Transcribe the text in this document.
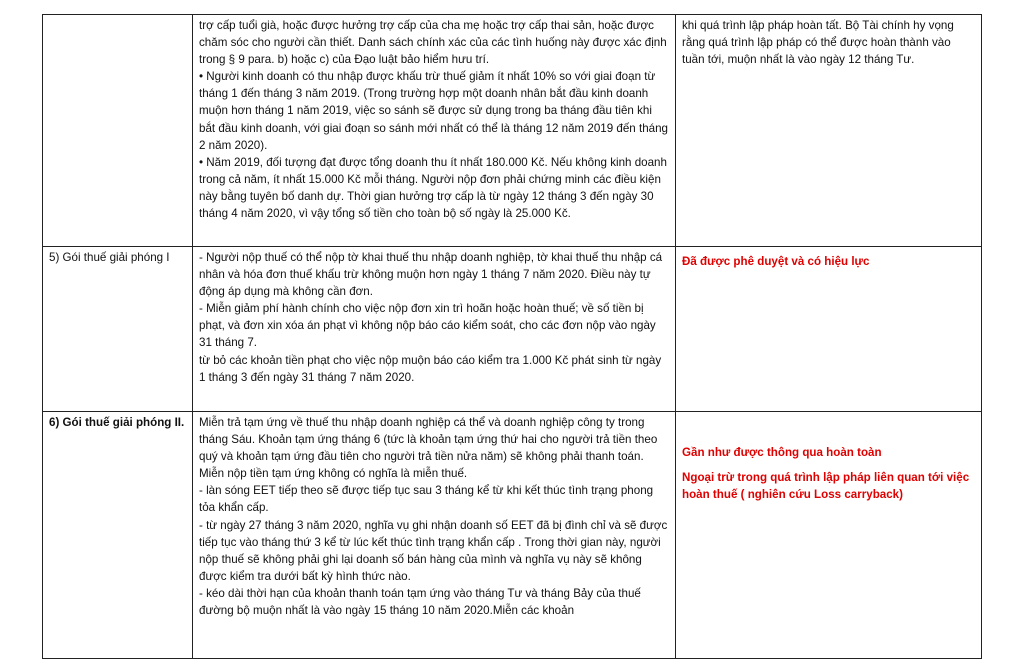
	trợ cấp tuổi già, hoặc được hưởng trợ cấp của cha mẹ hoặc trợ cấp thai sản, hoặc được chăm sóc cho người cần thiết. Danh sách chính xác của các tình huống này được xác định trong § 9 para. b) hoặc c) của Đạo luật bảo hiểm hưu trí.
• Người kinh doanh có thu nhập được khấu trừ thuế giảm ít nhất 10% so với giai đoạn từ tháng 1 đến tháng 3 năm 2019. (Trong trường hợp một doanh nhân bắt đầu kinh doanh muộn hơn tháng 1 năm 2019, việc so sánh sẽ được sử dụng trong ba tháng đầu tiên khi bắt đầu kinh doanh, với giai đoạn so sánh mới nhất có thể là tháng 12 năm 2019 đến tháng 2 năm 2020).
• Năm 2019, đối tượng đạt được tổng doanh thu ít nhất 180.000 Kč. Nếu không kinh doanh trong cả năm, ít nhất 15.000 Kč mỗi tháng. Người nộp đơn phải chứng minh các điều kiện này bằng tuyên bố danh dự. Thời gian hưởng trợ cấp là từ ngày 12 tháng 3 đến ngày 30 tháng 4 năm 2020, vì vậy tổng số tiền cho toàn bộ số ngày là 25.000 Kč.	khi quá trình lập pháp hoàn tất. Bộ Tài chính hy vọng rằng quá trình lập pháp có thể được hoàn thành vào tuần tới, muộn nhất là vào ngày 12 tháng Tư.

5) Gói thuế giải phóng I	- Người nộp thuế có thể nộp tờ khai thuế thu nhập doanh nghiệp, tờ khai thuế thu nhập cá nhân và hóa đơn thuế khấu trừ không muộn hơn ngày 1 tháng 7 năm 2020. Điều này tự động áp dụng mà không cần đơn.
- Miễn giảm phí hành chính cho việc nộp đơn xin trì hoãn hoặc hoàn thuế; về số tiền bị phạt, và đơn xin xóa án phạt vì không nộp báo cáo kiểm soát, cho các đơn nộp vào ngày 31 tháng 7.
từ bỏ các khoản tiền phạt cho việc nộp muộn báo cáo kiểm tra 1.000 Kč phát sinh từ ngày 1 tháng 3 đến ngày 31 tháng 7 năm 2020.	Đã được phê duyệt và có hiệu lực

6) Gói thuế giải phóng II.	Miễn trả tạm ứng về thuế thu nhập doanh nghiệp cá thể và doanh nghiệp công ty trong tháng Sáu. Khoản tạm ứng tháng 6 (tức là khoản tạm ứng thứ hai cho người trả tiền theo quý và khoản tạm ứng đầu tiên cho người trả tiền nửa năm) sẽ không phải thanh toán. Miễn nộp tiền tạm ứng không có nghĩa là miễn thuế.
- làn sóng EET tiếp theo sẽ được tiếp tục sau 3 tháng kể từ khi kết thúc tình trạng phong tỏa khẩn cấp.
- từ ngày 27 tháng 3 năm 2020, nghĩa vụ ghi nhận doanh số EET đã bị đình chỉ và sẽ được tiếp tục vào tháng thứ 3 kể từ lúc kết thúc tình trạng khẩn cấp . Trong thời gian này, người nộp thuế sẽ không phải ghi lại doanh số bán hàng của mình và nghĩa vụ này sẽ không được kiểm tra dưới bất kỳ hình thức nào.
- kéo dài thời hạn của khoản thanh toán tạm ứng vào tháng Tư và tháng Bảy của thuế đường bộ muộn nhất là vào ngày 15 tháng 10 năm 2020.Miễn các khoản	Gần như được thông qua hoàn toàn
Ngoại trừ trong quá trình lập pháp liên quan tới việc hoàn thuế ( nghiên cứu Loss carryback)
